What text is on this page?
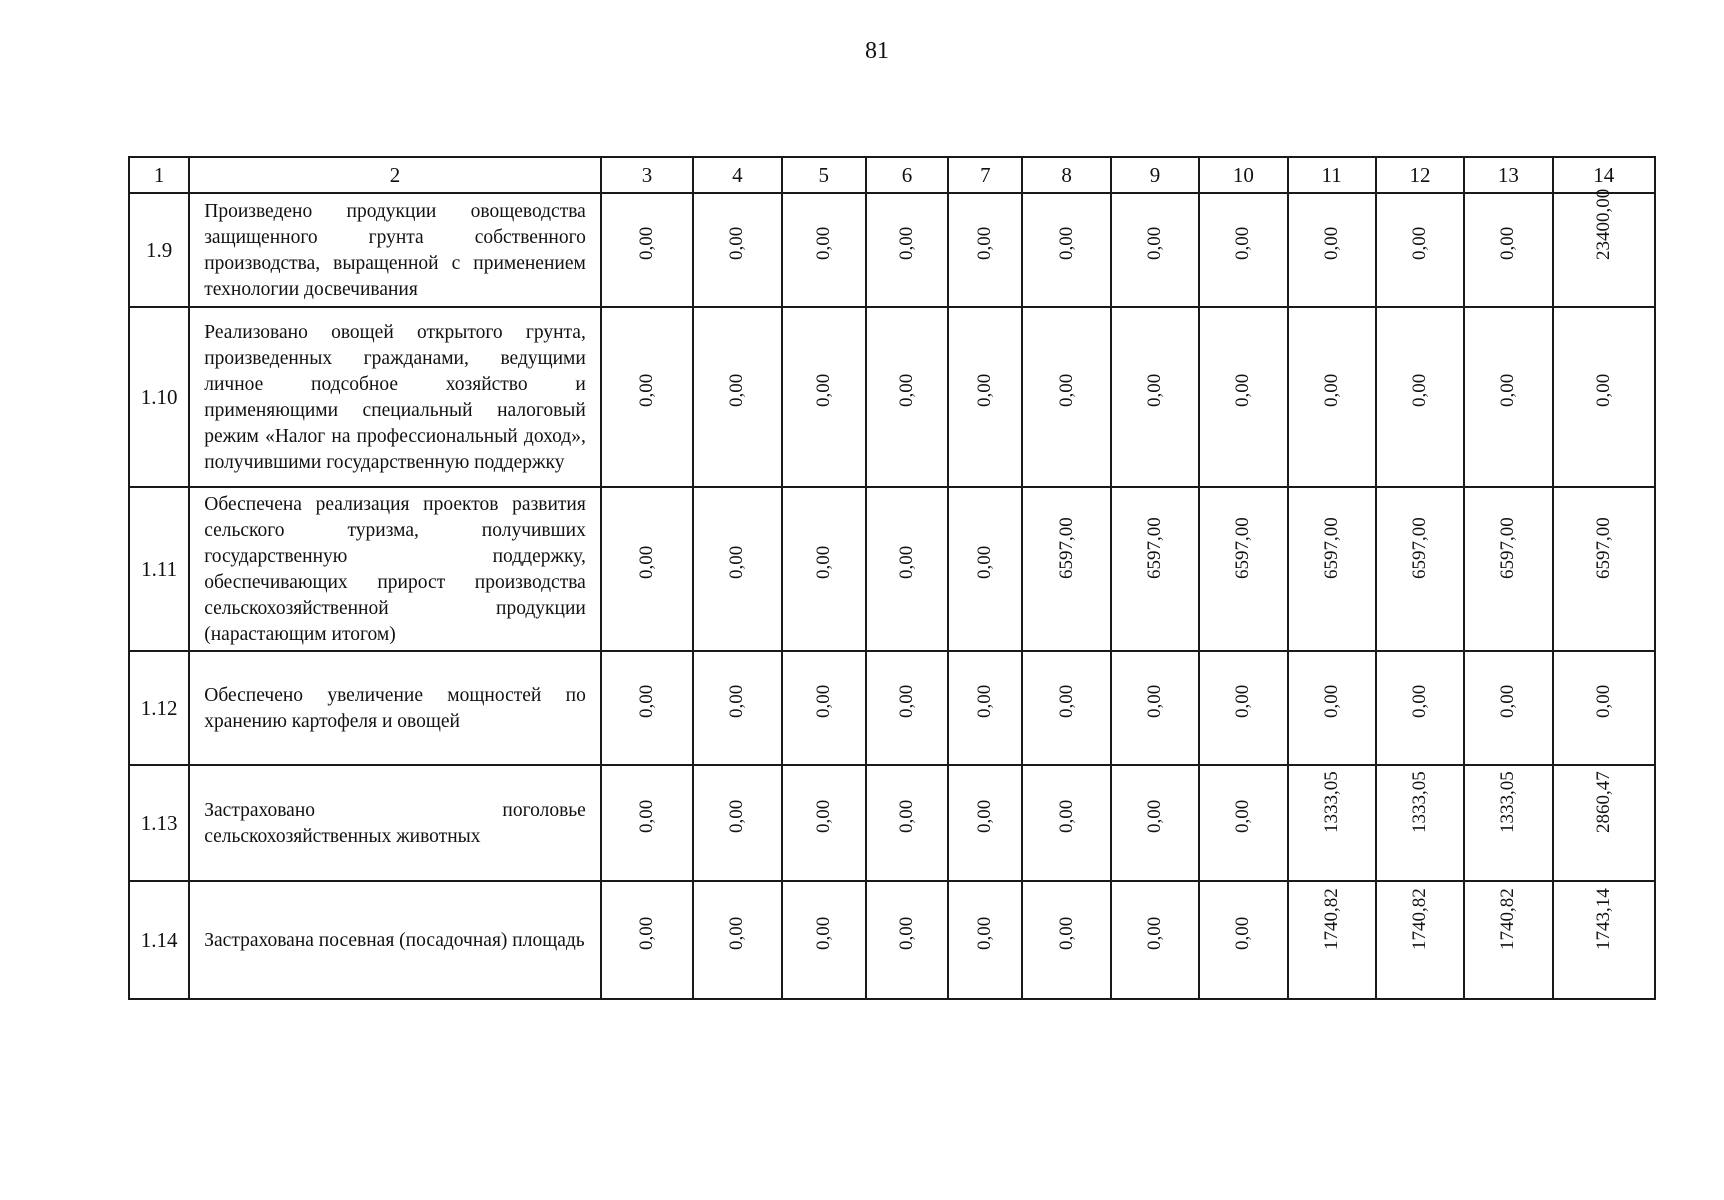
81
1	2	3	4	5	6	7	8	9	10	11	12	13	14
1.9	Произведено продукции овощеводства защищенного грунта собственного производства, выращенной с применением технологии досвечивания	0,00	0,00	0,00	0,00	0,00	0,00	0,00	0,00	0,00	0,00	0,00	23400,00

1.10	Реализовано овощей открытого грунта, произведенных гражданами, ведущими личное подсобное хозяйство и применяющими специальный налоговый режим «Налог на профессиональный доход», получившими государственную поддержку	0,00	0,00	0,00	0,00	0,00	0,00	0,00	0,00	0,00	0,00	0,00	0,00

1.11	Обеспечена реализация проектов развития сельского туризма, получивших государственную поддержку, обеспечивающих прирост производства сельскохозяйственной продукции (нарастающим итогом)	0,00	0,00	0,00	0,00	0,00	6597,00	6597,00	6597,00	6597,00	6597,00	6597,00	6597,00

1.12	Обеспечено увеличение мощностей по хранению картофеля и овощей	0,00	0,00	0,00	0,00	0,00	0,00	0,00	0,00	0,00	0,00	0,00	0,00

1.13	Застраховано поголовье сельскохозяйственных животных	0,00	0,00	0,00	0,00	0,00	0,00	0,00	0,00	1333,05	1333,05	1333,05	2860,47

1.14	Застрахована посевная (посадочная) площадь	0,00	0,00	0,00	0,00	0,00	0,00	0,00	0,00	1740,82	1740,82	1740,82	1743,14
